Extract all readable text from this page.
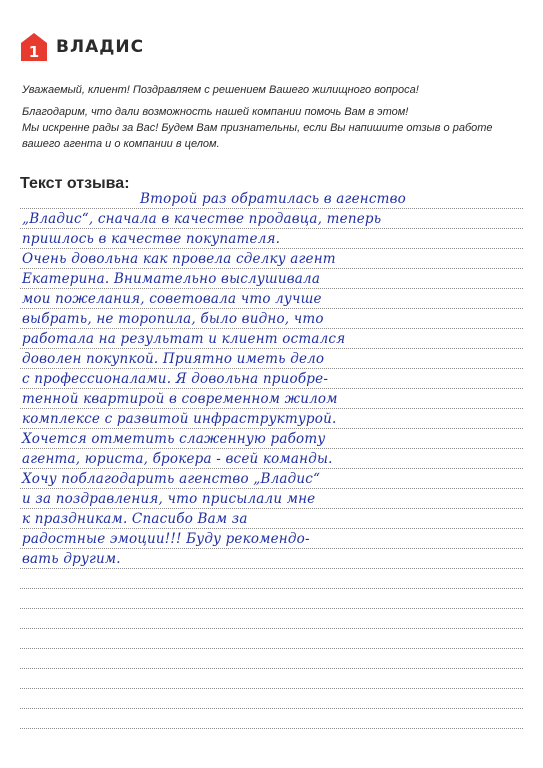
1 ВЛАДИС

Уважаемый, клиент! Поздравляем с решением Вашего жилищного вопроса!

Благодарим, что дали возможность нашей компании помочь Вам в этом!

Мы искренне рады за Вас! Будем Вам признательны, если Вы напишите отзыв о работе

вашего агента и о компании в целом.

Текст отзыва:
Второй раз обратилась в агенство
„Владис“, сначала в качестве продавца, теперь
пришлось в качестве покупателя.
Очень довольна как провела сделку агент
Екатерина. Внимательно выслушивала
мои пожелания, советовала что лучше
выбрать, не торопила, было видно, что
работала на результат и клиент остался
доволен покупкой. Приятно иметь дело
с профессионалами. Я довольна приобре-
тенной квартирой в современном жилом
комплексе с развитой инфраструктурой.
Хочется отметить слаженную работу
агента, юриста, брокера - всей команды.
Хочу поблагодарить агенство „Владис“
и за поздравления, что присылали мне
к праздникам. Спасибо Вам за
радостные эмоции!!! Буду рекомендо-
вать другим.
